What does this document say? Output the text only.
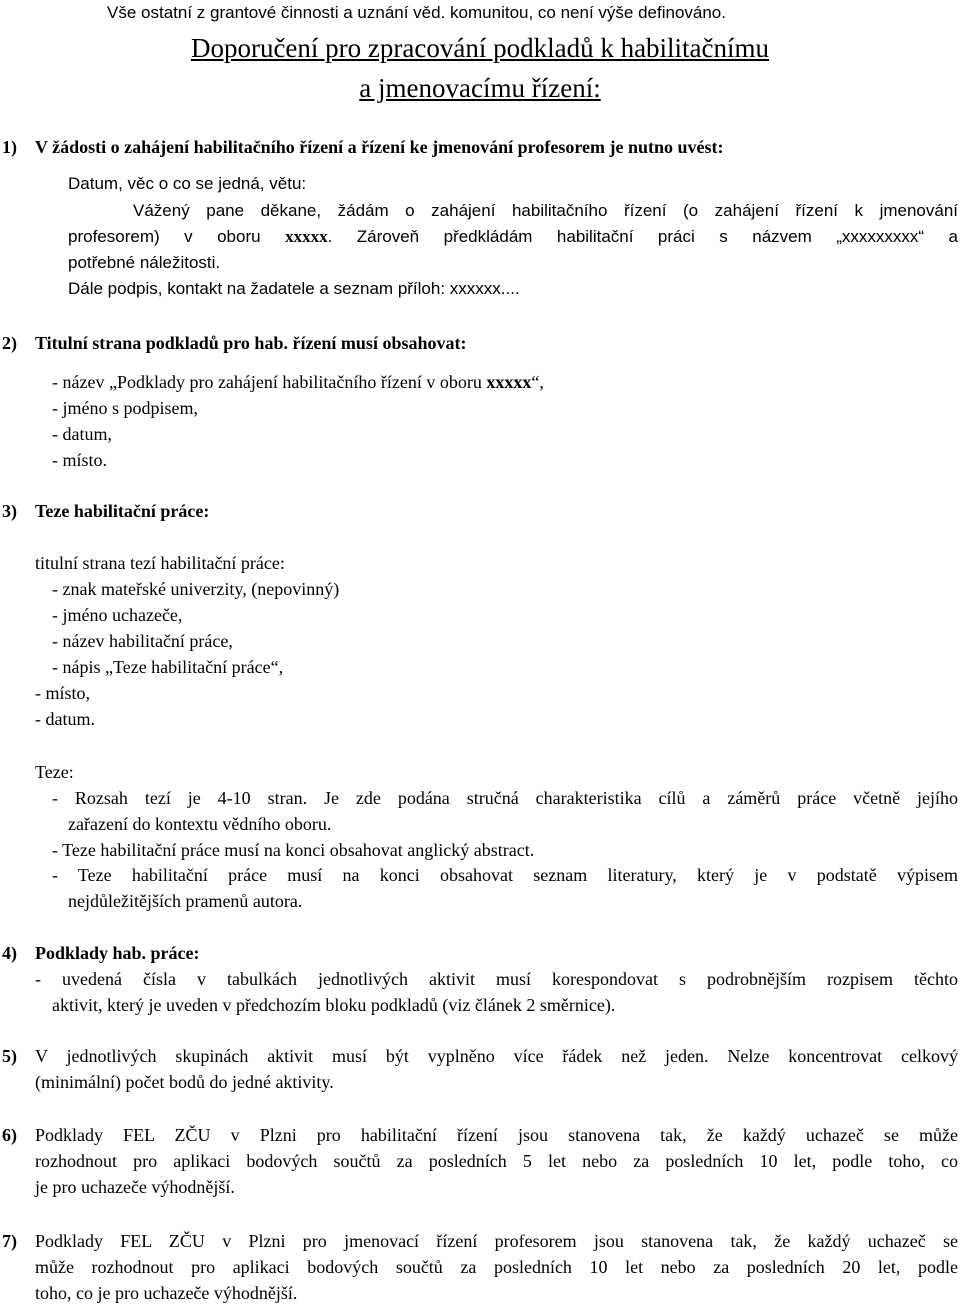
Vše ostatní z grantové činnosti a uznání věd. komunitou, co není výše definováno.
Doporučení pro zpracování podkladů k habilitačnímu
a jmenovacímu řízení:
1) V žádosti o zahájení habilitačního řízení a řízení ke jmenování profesorem je nutno uvést:
Datum, věc o co se jedná, větu:
Vážený pane děkane, žádám o zahájení habilitačního řízení (o zahájení řízení k jmenování
profesorem) v oboru xxxxx. Zároveň předkládám habilitační práci s názvem „xxxxxxxxx“ a
potřebné náležitosti.
Dále podpis, kontakt na žadatele a seznam příloh: xxxxxx....
2) Titulní strana podkladů pro hab. řízení musí obsahovat:
- název „Podklady pro zahájení habilitačního řízení v oboru xxxxx“,
- jméno s podpisem,
- datum,
- místo.
3) Teze habilitační práce:
titulní strana tezí habilitační práce:
- znak mateřské univerzity, (nepovinný)
- jméno uchazeče,
- název habilitační práce,
- nápis „Teze habilitační práce“,
- místo,
- datum.
Teze:
- Rozsah tezí je 4-10 stran. Je zde podána stručná charakteristika cílů a záměrů práce včetně jejího
zařazení do kontextu vědního oboru.
- Teze habilitační práce musí na konci obsahovat anglický abstract.
- Teze habilitační práce musí na konci obsahovat seznam literatury, který je v podstatě výpisem
nejdůležitějších pramenů autora.
4) Podklady hab. práce:
- uvedená čísla v tabulkách jednotlivých aktivit musí korespondovat s podrobnějším rozpisem těchto
aktivit, který je uveden v předchozím bloku podkladů (viz článek 2 směrnice).
5) V jednotlivých skupinách aktivit musí být vyplněno více řádek než jeden. Nelze koncentrovat celkový
(minimální) počet bodů do jedné aktivity.
6) Podklady FEL ZČU v Plzni pro habilitační řízení jsou stanovena tak, že každý uchazeč se může
rozhodnout pro aplikaci bodových součtů za posledních 5 let nebo za posledních 10 let, podle toho, co
je pro uchazeče výhodnější.
7) Podklady FEL ZČU v Plzni pro jmenovací řízení profesorem jsou stanovena tak, že každý uchazeč se
může rozhodnout pro aplikaci bodových součtů za posledních 10 let nebo za posledních 20 let, podle
toho, co je pro uchazeče výhodnější.
